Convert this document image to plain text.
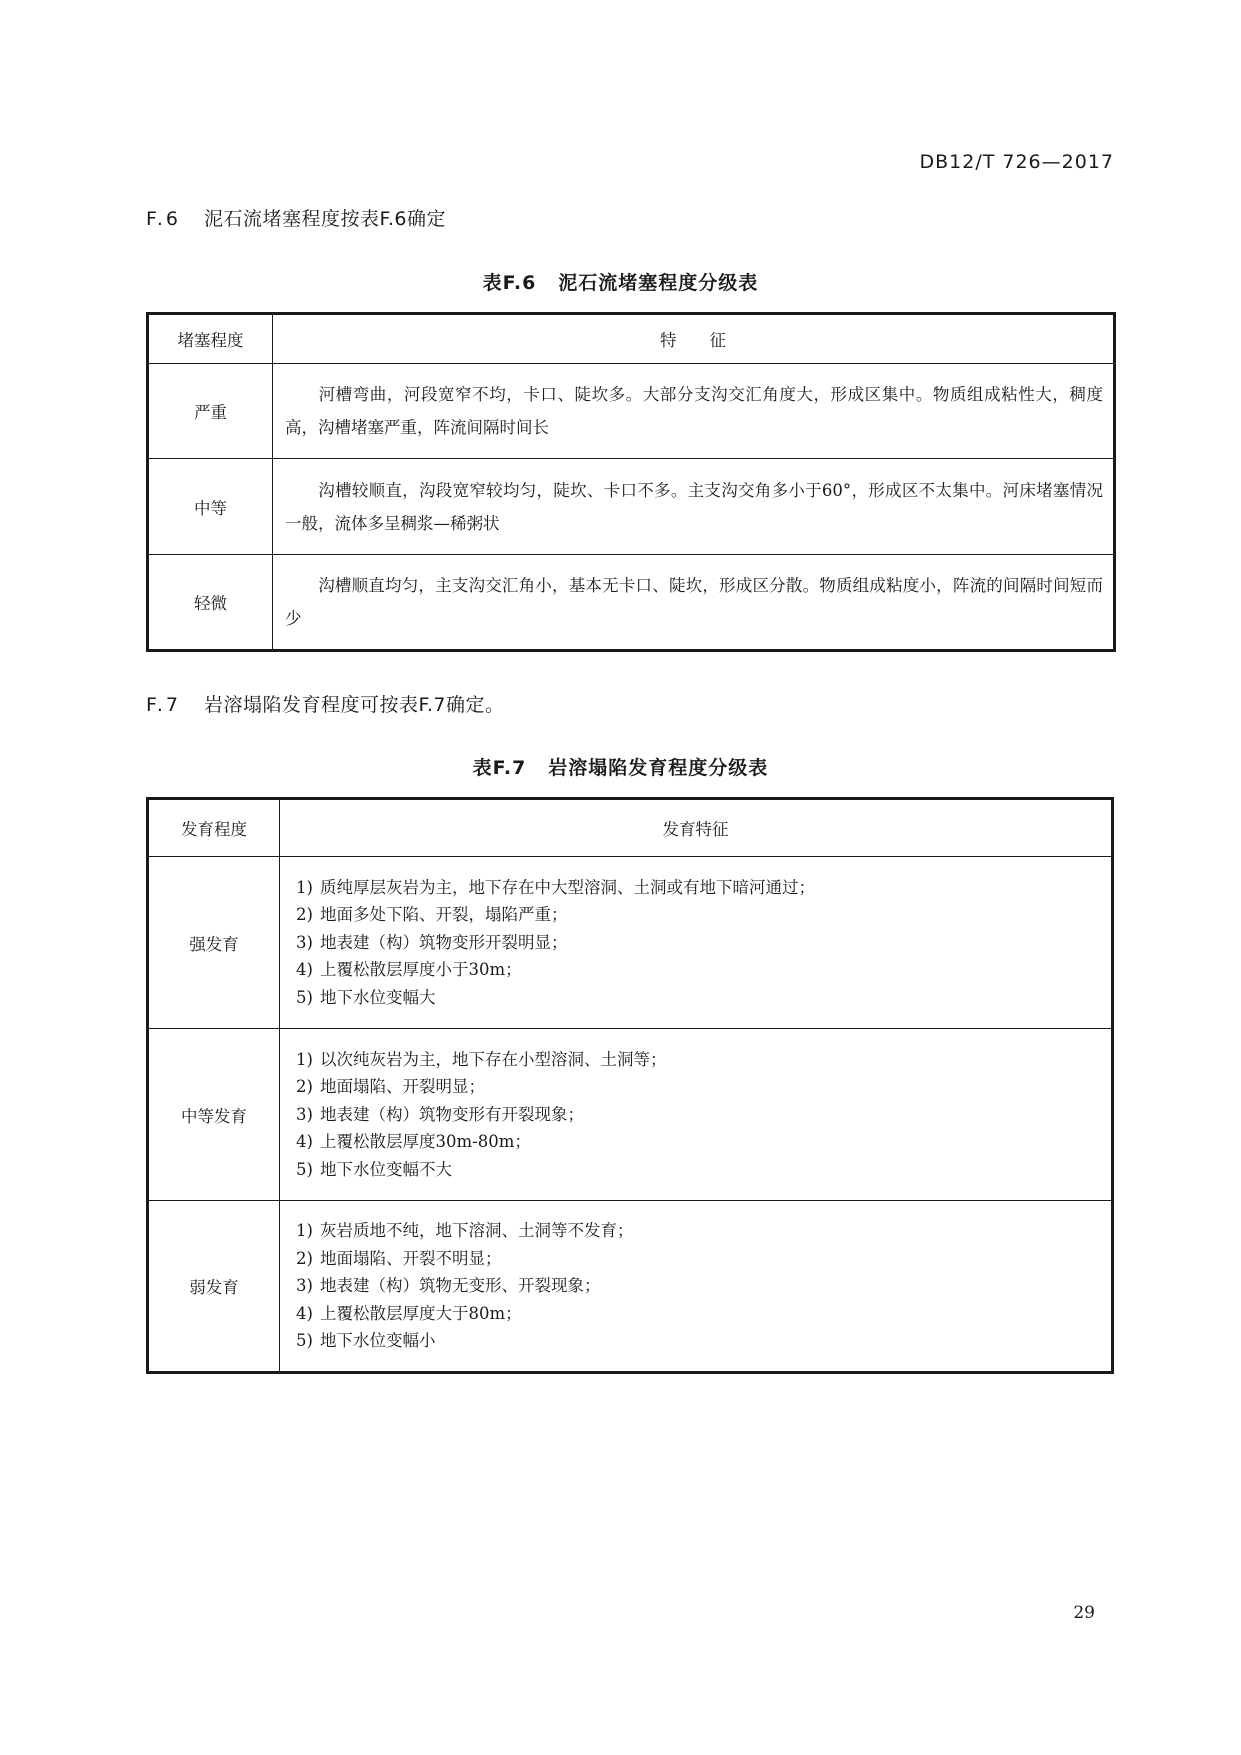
DB12/T 726—2017
F.6 泥石流堵塞程度按表F.6确定
表F.6 泥石流堵塞程度分级表
堵塞程度	特　　征
严重	河槽弯曲，河段宽窄不均，卡口、陡坎多。大部分支沟交汇角度大，形成区集中。物质组成粘性大，稠度高，沟槽堵塞严重，阵流间隔时间长
中等	沟槽较顺直，沟段宽窄较均匀，陡坎、卡口不多。主支沟交角多小于60°，形成区不太集中。河床堵塞情况一般，流体多呈稠浆—稀粥状
轻微	沟槽顺直均匀，主支沟交汇角小，基本无卡口、陡坎，形成区分散。物质组成粘度小，阵流的间隔时间短而少
F.7 岩溶塌陷发育程度可按表F.7确定。
表F.7 岩溶塌陷发育程度分级表
发育程度	发育特征
强发育	1) 质纯厚层灰岩为主，地下存在中大型溶洞、土洞或有地下暗河通过；
2) 地面多处下陷、开裂，塌陷严重；
3) 地表建（构）筑物变形开裂明显；
4) 上覆松散层厚度小于30m；
5) 地下水位变幅大

中等发育	1) 以次纯灰岩为主，地下存在小型溶洞、土洞等；
2) 地面塌陷、开裂明显；
3) 地表建（构）筑物变形有开裂现象；
4) 上覆松散层厚度30m-80m；
5) 地下水位变幅不大

弱发育	1) 灰岩质地不纯，地下溶洞、土洞等不发育；
2) 地面塌陷、开裂不明显；
3) 地表建（构）筑物无变形、开裂现象；
4) 上覆松散层厚度大于80m；
5) 地下水位变幅小
29
